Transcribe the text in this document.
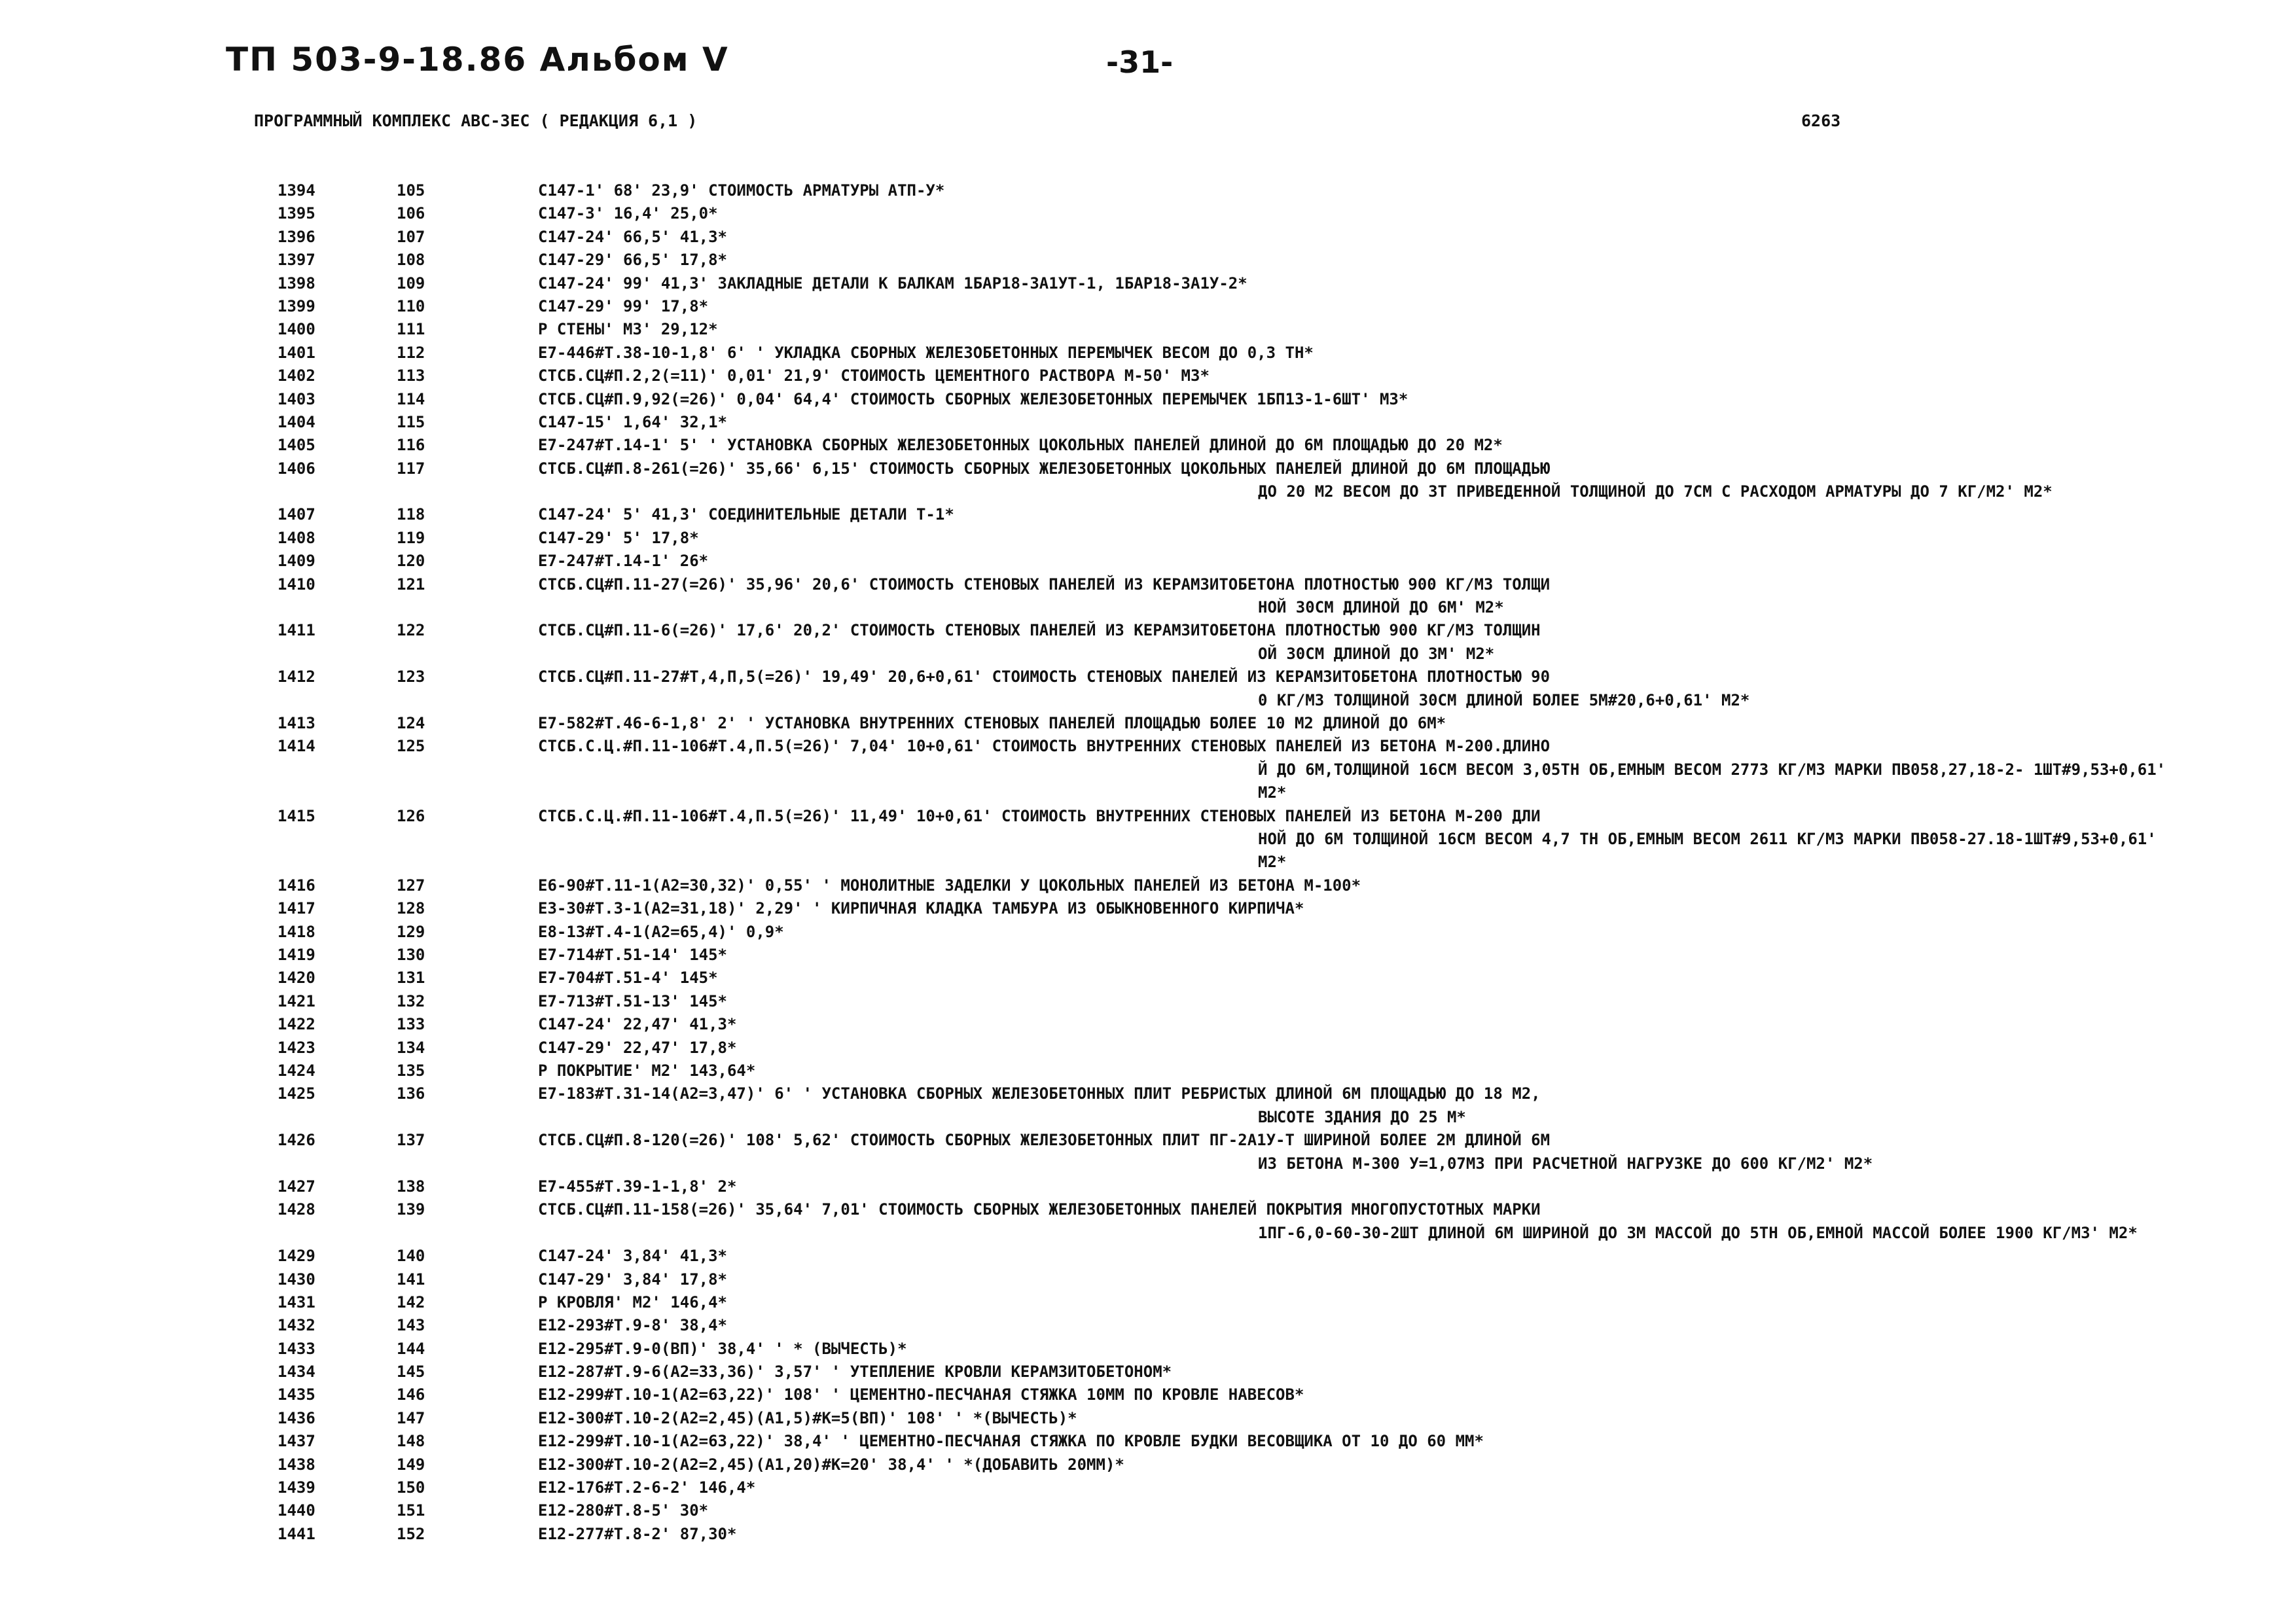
ТП 503-9-18.86 Альбом V	-31-
ПРОГРАММНЫЙ КОМПЛЕКС АВС-ЗЕС ( РЕДАКЦИЯ 6,1 )	6263
1394	105	С147-1' 68' 23,9' СТОИМОСТЬ АРМАТУРЫ АТП-У*
1395	106	С147-3' 16,4' 25,0*
1396	107	С147-24' 66,5' 41,3*
1397	108	С147-29' 66,5' 17,8*
1398	109	С147-24' 99' 41,3' ЗАКЛАДНЫЕ ДЕТАЛИ К БАЛКАМ 1БАР18-3А1УТ-1, 1БАР18-3А1У-2*
1399	110	С147-29' 99' 17,8*
1400	111	Р СТЕНЫ' М3' 29,12*
1401	112	Е7-446#Т.38-10-1,8' 6' ' УКЛАДКА СБОРНЫХ ЖЕЛЕЗОБЕТОННЫХ ПЕРЕМЫЧЕК ВЕСОМ ДО 0,3 ТН*
1402	113	СТСБ.СЦ#П.2,2(=11)' 0,01' 21,9' СТОИМОСТЬ ЦЕМЕНТНОГО РАСТВОРА М-50' М3*
1403	114	СТСБ.СЦ#П.9,92(=26)' 0,04' 64,4' СТОИМОСТЬ СБОРНЫХ ЖЕЛЕЗОБЕТОННЫХ ПЕРЕМЫЧЕК 1БП13-1-6ШТ' М3*
1404	115	С147-15' 1,64' 32,1*
1405	116	Е7-247#Т.14-1' 5' ' УСТАНОВКА СБОРНЫХ ЖЕЛЕЗОБЕТОННЫХ ЦОКОЛЬНЫХ ПАНЕЛЕЙ ДЛИНОЙ ДО 6М ПЛОЩАДЬЮ ДО 20 М2*
1406	117	СТСБ.СЦ#П.8-261(=26)' 35,66' 6,15' СТОИМОСТЬ СБОРНЫХ ЖЕЛЕЗОБЕТОННЫХ ЦОКОЛЬНЫХ ПАНЕЛЕЙ ДЛИНОЙ ДО 6М ПЛОЩАДЬЮ
ДО 20 М2 ВЕСОМ ДО 3Т ПРИВЕДЕННОЙ ТОЛЩИНОЙ ДО 7СМ С РАСХОДОМ АРМАТУРЫ ДО 7 КГ/М2' М2*
1407	118	С147-24' 5' 41,3' СОЕДИНИТЕЛЬНЫЕ ДЕТАЛИ Т-1*
1408	119	С147-29' 5' 17,8*
1409	120	Е7-247#Т.14-1' 26*
1410	121	СТСБ.СЦ#П.11-27(=26)' 35,96' 20,6' СТОИМОСТЬ СТЕНОВЫХ ПАНЕЛЕЙ ИЗ КЕРАМЗИТОБЕТОНА ПЛОТНОСТЬЮ 900 КГ/М3 ТОЛЩИ
НОЙ 30СМ ДЛИНОЙ ДО 6М' М2*
1411	122	СТСБ.СЦ#П.11-6(=26)' 17,6' 20,2' СТОИМОСТЬ СТЕНОВЫХ ПАНЕЛЕЙ ИЗ КЕРАМЗИТОБЕТОНА ПЛОТНОСТЬЮ 900 КГ/М3 ТОЛЩИН
ОЙ 30СМ ДЛИНОЙ ДО 3М' М2*
1412	123	СТСБ.СЦ#П.11-27#Т,4,П,5(=26)' 19,49' 20,6+0,61' СТОИМОСТЬ СТЕНОВЫХ ПАНЕЛЕЙ ИЗ КЕРАМЗИТОБЕТОНА ПЛОТНОСТЬЮ 90
0 КГ/М3 ТОЛЩИНОЙ 30СМ ДЛИНОЙ БОЛЕЕ 5М#20,6+0,61' М2*
1413	124	Е7-582#Т.46-6-1,8' 2' ' УСТАНОВКА ВНУТРЕННИХ СТЕНОВЫХ ПАНЕЛЕЙ ПЛОЩАДЬЮ БОЛЕЕ 10 М2 ДЛИНОЙ ДО 6М*
1414	125	СТСБ.С.Ц.#П.11-106#Т.4,П.5(=26)' 7,04' 10+0,61' СТОИМОСТЬ ВНУТРЕННИХ СТЕНОВЫХ ПАНЕЛЕЙ ИЗ БЕТОНА М-200.ДЛИНО
Й ДО 6М,ТОЛЩИНОЙ 16СМ ВЕСОМ 3,05ТН ОБ,ЕМНЫМ ВЕСОМ 2773 КГ/М3 МАРКИ ПВ058,27,18-2- 1ШТ#9,53+0,61'
М2*
1415	126	СТСБ.С.Ц.#П.11-106#Т.4,П.5(=26)' 11,49' 10+0,61' СТОИМОСТЬ ВНУТРЕННИХ СТЕНОВЫХ ПАНЕЛЕЙ ИЗ БЕТОНА М-200 ДЛИ
НОЙ ДО 6М ТОЛЩИНОЙ 16СМ ВЕСОМ 4,7 ТН ОБ,ЕМНЫМ ВЕСОМ 2611 КГ/М3 МАРКИ ПВ058-27.18-1ШТ#9,53+0,61'
М2*
1416	127	Е6-90#Т.11-1(А2=30,32)' 0,55' ' МОНОЛИТНЫЕ ЗАДЕЛКИ У ЦОКОЛЬНЫХ ПАНЕЛЕЙ ИЗ БЕТОНА М-100*
1417	128	Е3-30#Т.3-1(А2=31,18)' 2,29' ' КИРПИЧНАЯ КЛАДКА ТАМБУРА ИЗ ОБЫКНОВЕННОГО КИРПИЧА*
1418	129	Е8-13#Т.4-1(А2=65,4)' 0,9*
1419	130	Е7-714#Т.51-14' 145*
1420	131	Е7-704#Т.51-4' 145*
1421	132	Е7-713#Т.51-13' 145*
1422	133	С147-24' 22,47' 41,3*
1423	134	С147-29' 22,47' 17,8*
1424	135	Р ПОКРЫТИЕ' М2' 143,64*
1425	136	Е7-183#Т.31-14(А2=3,47)' 6' ' УСТАНОВКА СБОРНЫХ ЖЕЛЕЗОБЕТОННЫХ ПЛИТ РЕБРИСТЫХ ДЛИНОЙ 6М ПЛОЩАДЬЮ ДО 18 М2,
ВЫСОТЕ ЗДАНИЯ ДО 25 М*
1426	137	СТСБ.СЦ#П.8-120(=26)' 108' 5,62' СТОИМОСТЬ СБОРНЫХ ЖЕЛЕЗОБЕТОННЫХ ПЛИТ ПГ-2А1У-Т ШИРИНОЙ БОЛЕЕ 2М ДЛИНОЙ 6М
ИЗ БЕТОНА М-300 У=1,07М3 ПРИ РАСЧЕТНОЙ НАГРУЗКЕ ДО 600 КГ/М2' М2*
1427	138	Е7-455#Т.39-1-1,8' 2*
1428	139	СТСБ.СЦ#П.11-158(=26)' 35,64' 7,01' СТОИМОСТЬ СБОРНЫХ ЖЕЛЕЗОБЕТОННЫХ ПАНЕЛЕЙ ПОКРЫТИЯ МНОГОПУСТОТНЫХ МАРКИ
1ПГ-6,0-60-30-2ШТ ДЛИНОЙ 6М ШИРИНОЙ ДО 3М МАССОЙ ДО 5ТН ОБ,ЕМНОЙ МАССОЙ БОЛЕЕ 1900 КГ/М3' М2*
1429	140	С147-24' 3,84' 41,3*
1430	141	С147-29' 3,84' 17,8*
1431	142	Р КРОВЛЯ' М2' 146,4*
1432	143	Е12-293#Т.9-8' 38,4*
1433	144	Е12-295#Т.9-0(ВП)' 38,4' ' * (ВЫЧЕСТЬ)*
1434	145	Е12-287#Т.9-6(А2=33,36)' 3,57' ' УТЕПЛЕНИЕ КРОВЛИ КЕРАМЗИТОБЕТОНОМ*
1435	146	Е12-299#Т.10-1(А2=63,22)' 108' ' ЦЕМЕНТНО-ПЕСЧАНАЯ СТЯЖКА 10ММ ПО КРОВЛЕ НАВЕСОВ*
1436	147	Е12-300#Т.10-2(А2=2,45)(А1,5)#К=5(ВП)' 108' ' *(ВЫЧЕСТЬ)*
1437	148	Е12-299#Т.10-1(А2=63,22)' 38,4' ' ЦЕМЕНТНО-ПЕСЧАНАЯ СТЯЖКА ПО КРОВЛЕ БУДКИ ВЕСОВЩИКА ОТ 10 ДО 60 ММ*
1438	149	Е12-300#Т.10-2(А2=2,45)(А1,20)#К=20' 38,4' ' *(ДОБАВИТЬ 20ММ)*
1439	150	Е12-176#Т.2-6-2' 146,4*
1440	151	Е12-280#Т.8-5' 30*
1441	152	Е12-277#Т.8-2' 87,30*
